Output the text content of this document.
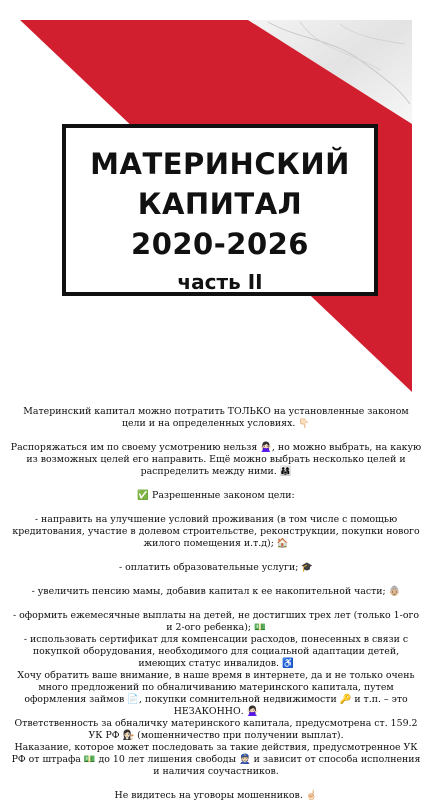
МАТЕРИНСКИЙ
КАПИТАЛ
2020-2026
часть II

Материнский капитал можно потратить ТОЛЬКО на установленные законом цели и на определенных условиях. 👇🏻

Распоряжаться им по своему усмотрению нельзя 🙅🏻‍♀️, но можно выбрать, на какую из возможных целей его направить. Ещё можно выбрать несколько целей и распределить между ними. 👨‍👩‍👧

✅ Разрешенные законом цели:

- направить на улучшение условий проживания (в том числе с помощью кредитования, участие в долевом строительстве, реконструкции, покупки нового жилого помещения и.т.д); 🏠

- оплатить образовательные услуги; 🎓

- увеличить пенсию мамы, добавив капитал к ее накопительной части; 👵🏼

- оформить ежемесячные выплаты на детей, не достигших трех лет (только 1-ого и 2-ого ребенка); 💵

- использовать сертификат для компенсации расходов, понесенных в связи с покупкой оборудования, необходимого для социальной адаптации детей, имеющих статус инвалидов. ♿

Хочу обратить ваше внимание, в наше время в интернете, да и не только очень много предложений по обналичиванию материнского капитала, путем оформления займов 📄, покупки сомнительной недвижимости 🔑 и т.п. – это НЕЗАКОННО. 🙅🏻‍♀️

Ответственность за обналичку материнского капитала, предусмотрена ст. 159.2 УК РФ 👩🏻‍⚖️ (мошенничество при получении выплат).

Наказание, которое может последовать за такие действия, предусмотренное УК РФ от штрафа 💵 до 10 лет лишения свободы 👮🏻 и зависит от способа исполнения и наличия соучастников.

Не видитесь на уговоры мошенников. ☝🏻
